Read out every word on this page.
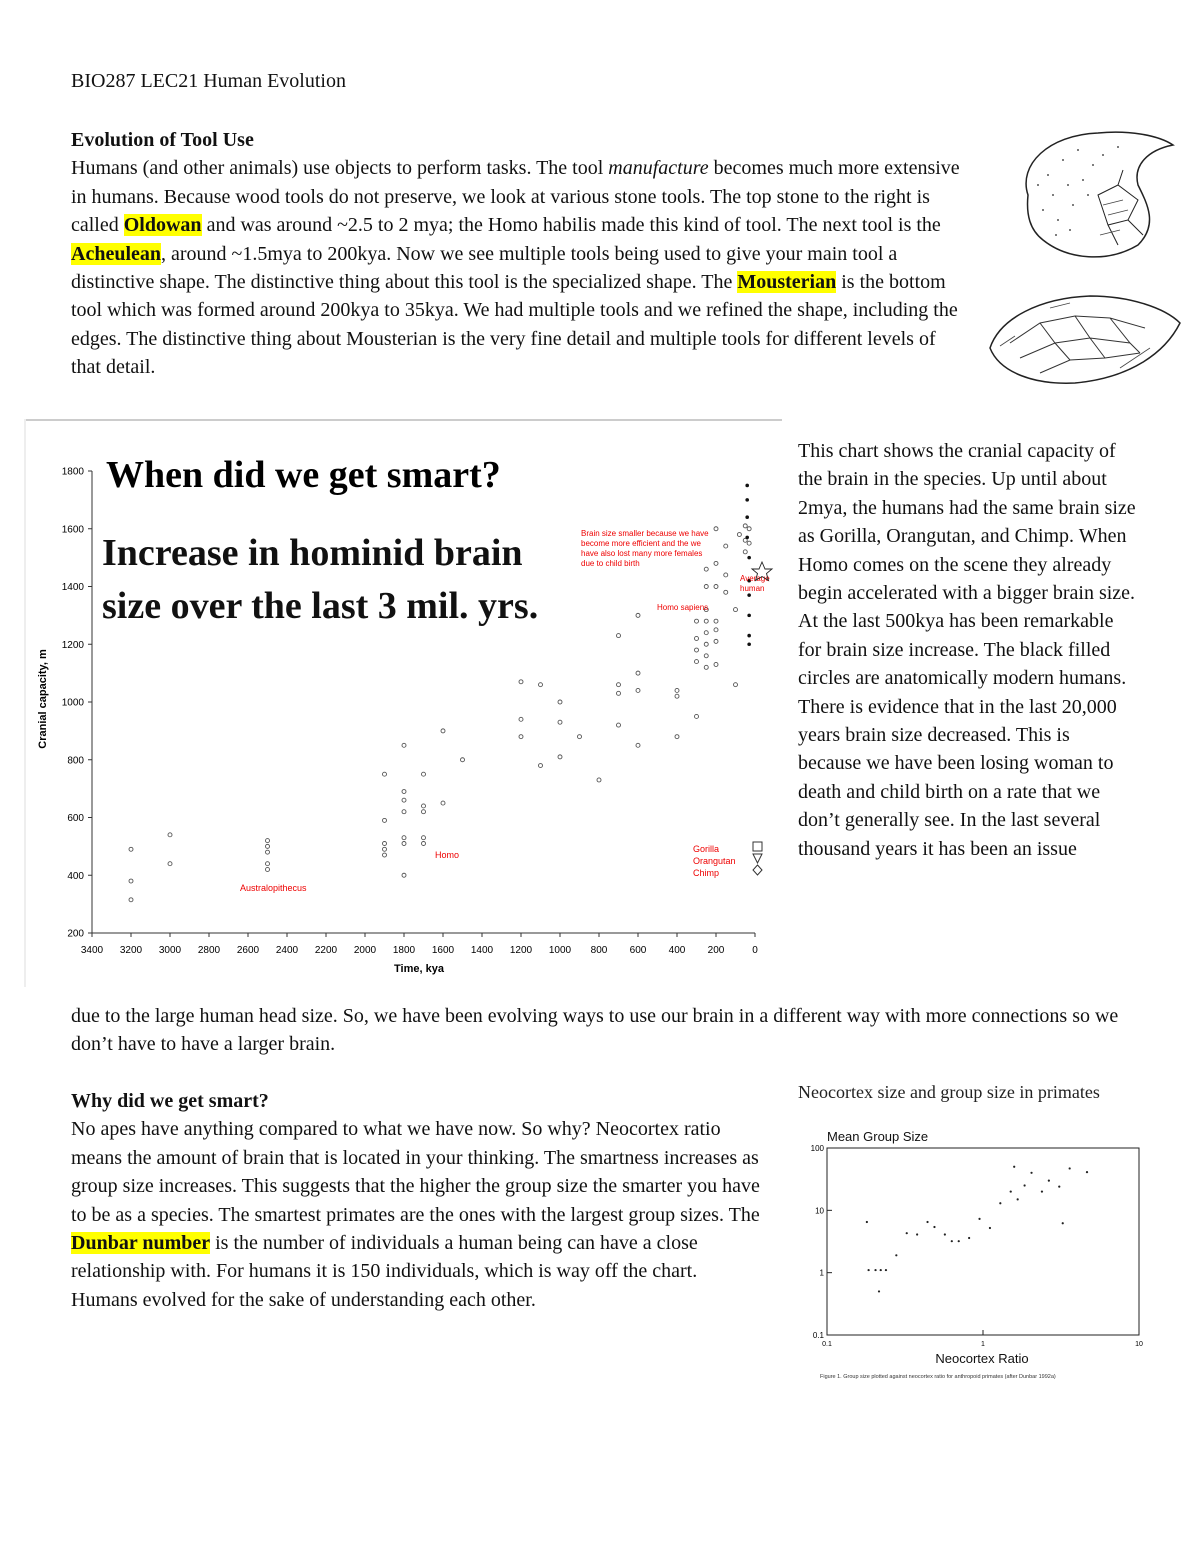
BIO287 LEC21 Human Evolution
Evolution of Tool Use
Humans (and other animals) use objects to perform tasks. The tool manufacture becomes much more extensive in humans. Because wood tools do not preserve, we look at various stone tools. The top stone to the right is called Oldowan and was around ~2.5 to 2 mya; the Homo habilis made this kind of tool. The next tool is the Acheulean, around ~1.5mya to 200kya. Now we see multiple tools being used to give your main tool a distinctive shape. The distinctive thing about this tool is the specialized shape. The Mousterian is the bottom tool which was formed around 200kya to 35kya. We had multiple tools and we refined the shape, including the edges. The distinctive thing about Mousterian is the very fine detail and multiple tools for different levels of that detail.
3400 3200 3000 2800 2600 2400 2200 2000 1800 1600 1400 1200 1000 800 600 400 200	0
200
400
600
800
1000
1200
1400
1600
1800 When did we get smart?
Increase in hominid brain size over the last 3 mil. yrs.
Time, kya
Cranial capacity, m
Australopithecus
Homo
Homo sapiens
Brain size smaller because we have become more efficient and the we have also lost many more females due to child birth
Average human
Gorilla
Orangutan
Chimp
This chart shows the cranial capacity of the brain in the species. Up until about 2mya, the humans had the same brain size as Gorilla, Orangutan, and Chimp. When Homo comes on the scene they already begin accelerated with a bigger brain size. At the last 500kya has been remarkable for brain size increase. The black filled circles are anatomically modern humans. There is evidence that in the last 20,000 years brain size decreased. This is because we have been losing woman to death and child birth on a rate that we don’t generally see. In the last several thousand years it has been an issue
due to the large human head size. So, we have been evolving ways to use our brain in a different way with more connections so we don’t have to have a larger brain.
Why did we get smart?
No apes have anything compared to what we have now. So why? Neocortex ratio means the amount of brain that is located in your thinking. The smartness increases as group size increases. This suggests that the higher the group size the smarter you have to be as a species. The smartest primates are the ones with the largest group sizes. The Dunbar number is the number of individuals a human being can have a close relationship with. For humans it is 150 individuals, which is way off the chart. Humans evolved for the sake of understanding each other.
Neocortex size and group size in primates
Mean Group Size
0.1
1
10
100
0.1	1	10
Neocortex Ratio
Figure 1. Group size plotted against neocortex ratio for anthropoid primates (after Dunbar 1992a)
